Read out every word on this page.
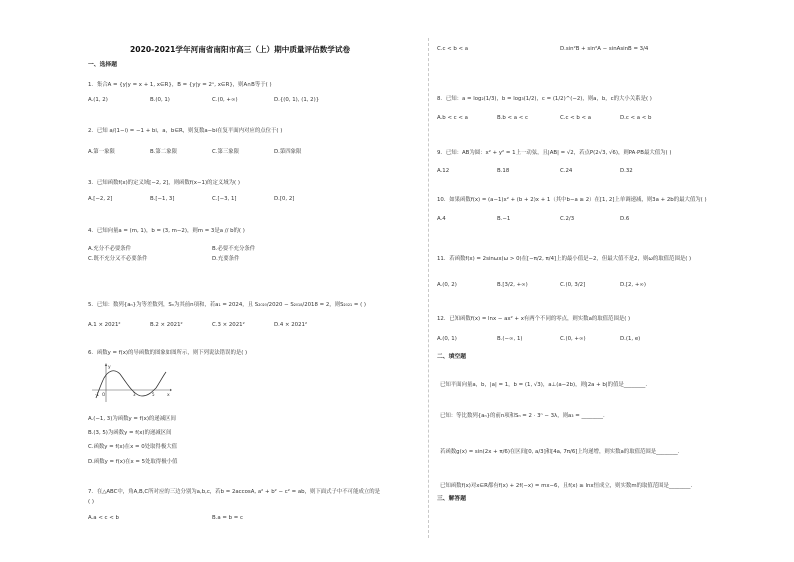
2020-2021学年河南省南阳市高三（上）期中质量评估数学试卷
一、选择题
1．集合A = {y|y = x + 1, x∈R}，B = {y|y = 2ˣ, x∈R}，则A∩B等于( )
A.(1, 2)	B.(0, 1)	C.(0, +∞)	D.{(0, 1), (1, 2)}
2．已知 a/(1−i) = −1 + bi，a，b∈R，则复数a−bi在复平面内对应的点位于( )
A.第一象限	B.第二象限	C.第三象限	D.第四象限
3．已知函数f(x)的定义域[−2, 2]，则函数f(x−1)的定义域为( )
A.[−2, 2]	B.[−1, 3]	C.[−3, 1]	D.[0, 2]
4．已知向量a = (m, 1)，b = (3, m−2)，则m = 3是a // b的( )
A.充分不必要条件	B.必要不充分条件
C.既不充分又不必要条件	D.充要条件
5．已知：数列{aₙ}为等差数列，Sₙ为其前n项和，若a₁ = 2024，且 S₂₀₂₀/2020 − S₂₀₁₈/2018 = 2，则S₂₀₂₁ = ( )
A.1 × 2021²	B.2 × 2021²	C.3 × 2021²	D.4 × 2021²
6．函数y = f(x)的导函数的图象如图所示，则下列说法错误的是( )
y
x
O
-1	3	5
A.(−1, 3)为函数y = f(x)的递减区间
B.(3, 5)为函数y = f(x)的递减区间
C.函数y = f(x)在x = 0处取得极大值
D.函数y = f(x)在x = 5处取得极小值
7．在△ABC中，角A,B,C所对应的三边分别为a,b,c，若b = 2accosA, a² + b² − c² = ab，则下面式子中不可能成立的是
( )
A.a < c < b	B.a = b = c
C.c < b < a	D.sin²B + sin²A − sinAsinB = 3/4
8．已知：a = log₂(1/3)，b = log₃(1/2)，c = (1/2)^(−2)，则a，b，c的大小关系是( )
A.b < c < a	B.b < a < c	C.c < b < a	D.c < a < b
9．已知：AB为圆：x² + y² = 1上一动弦，且|AB| = √2，若点P(2√3, √6)，则PA·PB最大值为( )
A.12	B.18	C.24	D.32
10．如果函数f(x) = (a−1)x² + (b + 2)x + 1（其中b−a ≥ 2）在[1, 2]上单调递减，则3a + 2b的最大值为( )
A.4	B.−1	C.2/3	D.6
11．若函数f(x) = 2sinωx(ω > 0)在[−π/2, π/4]上的最小值是−2，但最大值不是2，则ω的取值范围是( )
A.(0, 2)	B.[3/2, +∞)	C.(0, 3/2]	D.[2, +∞)
12．已知函数f(x) = lnx − ax² + x有两个不同的零点，则实数a的取值范围是( )
A.(0, 1)	B.(−∞, 1)	C.(0, +∞)	D.(1, e)
二、填空题
已知平面向量a，b，|a| = 1，b = (1, √3)，a⊥(a−2b)，则|2a + b|的值是________.
已知：等比数列{aₙ}的前n项和Sₙ = 2 · 3ⁿ − 3λ，则a₃ = ________.
若函数g(x) = sin(2x + π/6)在区间[0, a/3]和[4a, 7π/6]上均递增，则实数a的取值范围是________.
已知函数f(x)对x∈R都有f(x) + 2f(−x) = mx−6，且f(x) ≥ lnx恒成立，则实数m的取值范围是________.
三、解答题
